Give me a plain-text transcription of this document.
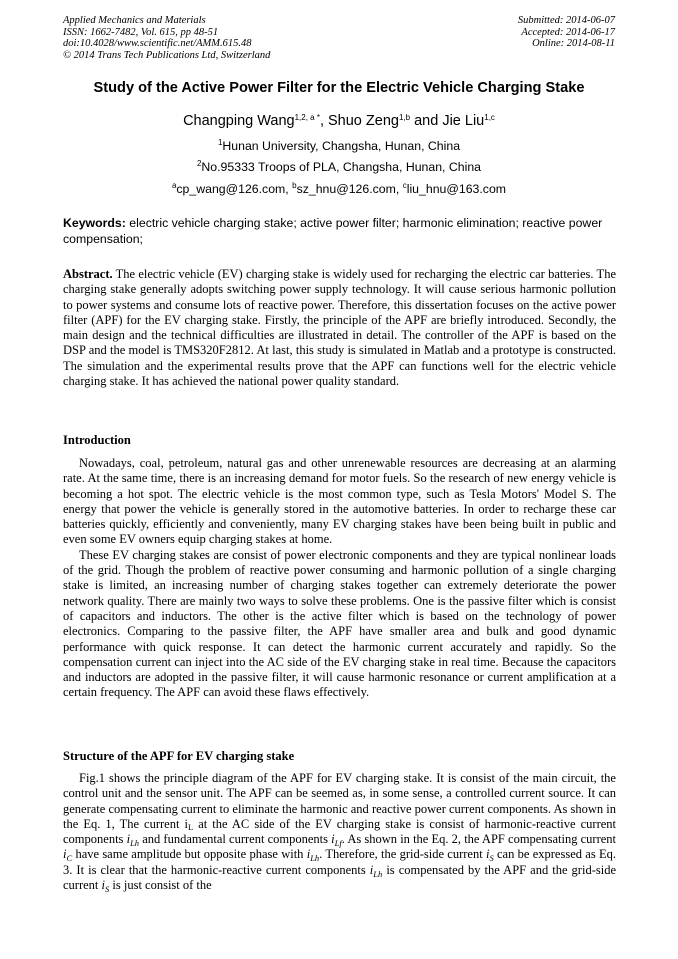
Applied Mechanics and Materials
ISSN: 1662-7482, Vol. 615, pp 48-51
doi:10.4028/www.scientific.net/AMM.615.48
© 2014 Trans Tech Publications Ltd, Switzerland
Submitted: 2014-06-07
Accepted: 2014-06-17
Online: 2014-08-11
Study of the Active Power Filter for the Electric Vehicle Charging Stake
Changping Wang$^{1,2, a *}$, Shuo Zeng$^{1,b}$ and Jie Liu$^{1,c}$
$^1$Hunan University, Changsha, Hunan, China
$^2$No.95333 Troops of PLA, Changsha, Hunan, China
$^a$cp_wang@126.com, $^b$sz_hnu@126.com, $^c$liu_hnu@163.com
Keywords: electric vehicle charging stake; active power filter; harmonic elimination; reactive power compensation;

Abstract. The electric vehicle (EV) charging stake is widely used for recharging the electric car batteries. The charging stake generally adopts switching power supply technology. It will cause serious harmonic pollution to power systems and consume lots of reactive power. Therefore, this dissertation focuses on the active power filter (APF) for the EV charging stake. Firstly, the principle of the APF are briefly introduced. Secondly, the main design and the technical difficulties are illustrated in detail. The controller of the APF is based on the DSP and the model is TMS320F2812. At last, this study is simulated in Matlab and a prototype is constructed. The simulation and the experimental results prove that the APF can functions well for the electric vehicle charging stake. It has achieved the national power quality standard.

Introduction

Nowadays, coal, petroleum, natural gas and other unrenewable resources are decreasing at an alarming rate. At the same time, there is an increasing demand for motor fuels. So the research of new energy vehicle is becoming a hot spot. The electric vehicle is the most common type, such as Tesla Motors' Model S. The energy that power the vehicle is generally stored in the automotive batteries. In order to recharge these car batteries quickly, efficiently and conveniently, many EV charging stakes have been being built in public and even some EV owners equip charging stakes at home.

These EV charging stakes are consist of power electronic components and they are typical nonlinear loads of the grid. Though the problem of reactive power consuming and harmonic pollution of a single charging stake is limited, an increasing number of charging stakes together can extremely deteriorate the power network quality. There are mainly two ways to solve these problems. One is the passive filter which is consist of capacitors and inductors. The other is the active filter which is based on the technology of power electronics. Comparing to the passive filter, the APF have smaller area and bulk and good dynamic performance with quick response. It can detect the harmonic current accurately and rapidly. So the compensation current can inject into the AC side of the EV charging stake in real time. Because the capacitors and inductors are adopted in the passive filter, it will cause harmonic resonance or current amplification at a certain frequency. The APF can avoid these flaws effectively.

Structure of the APF for EV charging stake

Fig.1 shows the principle diagram of the APF for EV charging stake. It is consist of the main circuit, the control unit and the sensor unit. The APF can be seemed as, in some sense, a controlled current source. It can generate compensating current to eliminate the harmonic and reactive power current components. As shown in the Eq. 1, The current iL at the AC side of the EV charging stake is consist of harmonic-reactive current components $i_{Lh}$ and fundamental current components $i_{Lf}$. As shown in the Eq. 2, the APF compensating current $i_C$ have same amplitude but opposite phase with $i_{Lh}$. Therefore, the grid-side current $i_S$ can be expressed as Eq. 3. It is clear that the harmonic-reactive current components $i_{Lh}$ is compensated by the APF and the grid-side current $i_S$ is just consist of the
